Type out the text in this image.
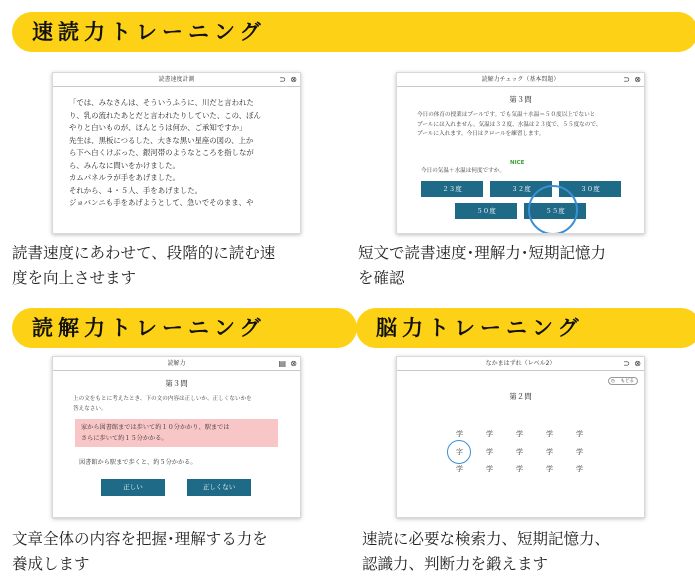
速読力トレーニング
読書速度計測	⊃ ⊗

「では、みなさんは、そういうふうに、川だと言われた

り、乳の流れたあとだと言われたりしていた、この、ぼん

やりと白いものが、ほんとうは何か、ご承知ですか」

先生は、黒板につるした、大きな黒い星座の図の、上か

ら下へ白くけぶった、銀河帯のようなところを指しなが

ら、みんなに問いをかけました。

カムパネルラが手をあげました。

それから、４・５人、手をあげました。

ジョバンニも手をあげようとして、急いでそのまま、や

読書速度にあわせて、段階的に読む速
度を向上させます
読解力チェック（基本問題）	⊃ ⊗
第３問
今日の体育の授業はプールです。でも気温＋水温＝５０度以上でないと
プールには入れません。気温は３２度、水温は２３度で、５５度なので、
プールに入れます。今日はクロールを練習します。
NICE
今日の気温＋水温は何度ですか。
２３度	３２度	３０度
５０度	５５度
短文で読書速度･理解力･短期記憶力
を確認
読解力トレーニング
読解力	▤ ⊗
第３問
上の文をもとに考えたとき、下の文の内容は正しいか、正しくないかを
答えなさい。
家から図書館までは歩いて約１０分かかり、駅までは
さらに歩いて約１５分かかる。
図書館から駅まで歩くと、約５分かかる。
正しい	正しくない
文章全体の内容を把握･理解する力を
養成します
脳力トレーニング
なかまはずれ（レベル2）	⊃ ⊗
◷ もどる
第２問
学	学	学	学	学
字	学	学	学	学
学	学	学	学	学
速読に必要な検索力、短期記憶力、
認識力、判断力を鍛えます
